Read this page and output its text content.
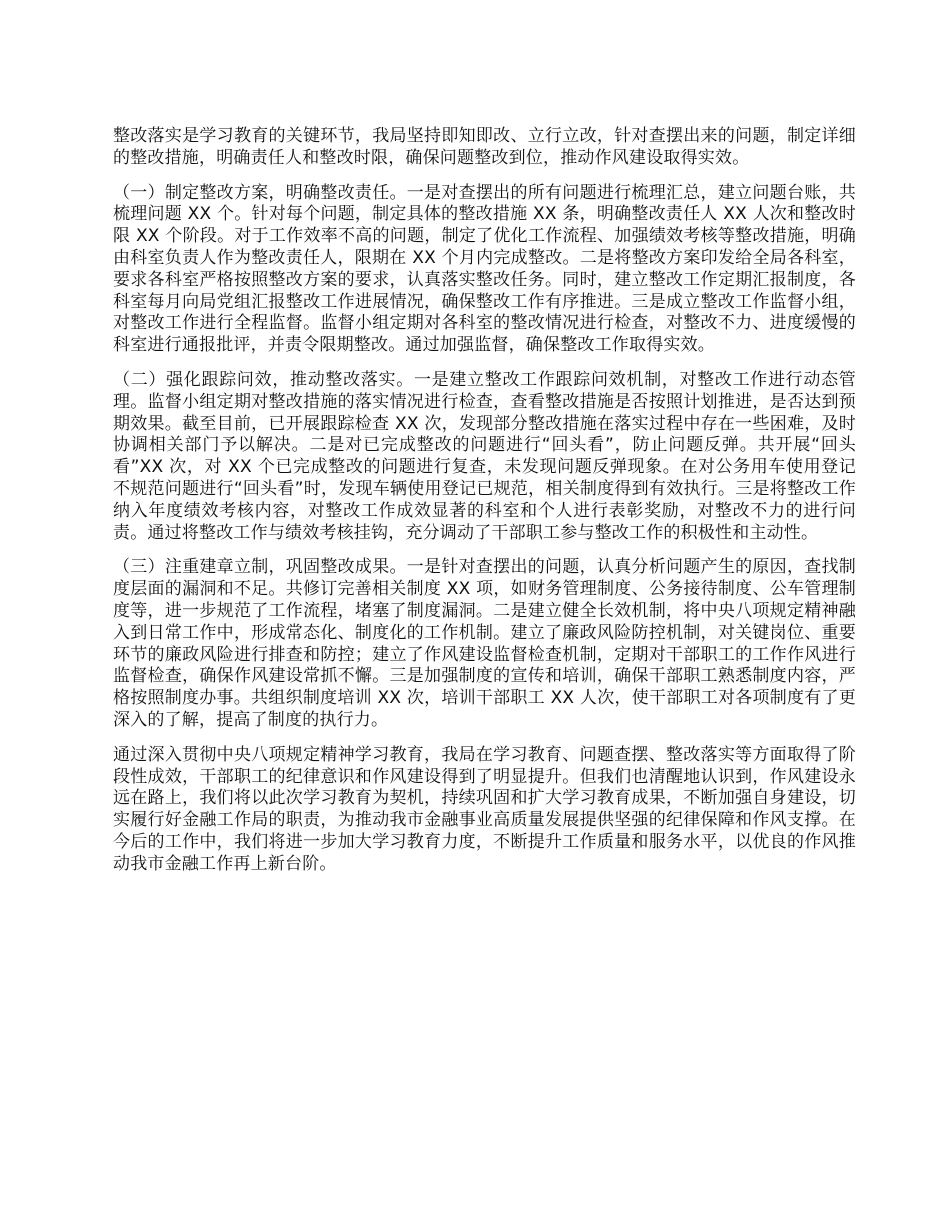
整改落实是学习教育的关键环节，我局坚持即知即改、立行立改，针对查摆出来的问题，制定详细的整改措施，明确责任人和整改时限，确保问题整改到位，推动作风建设取得实效。

（一）制定整改方案，明确整改责任。一是对查摆出的所有问题进行梳理汇总，建立问题台账，共梳理问题 XX 个。针对每个问题，制定具体的整改措施 XX 条，明确整改责任人 XX 人次和整改时限 XX 个阶段。对于工作效率不高的问题，制定了优化工作流程、加强绩效考核等整改措施，明确由科室负责人作为整改责任人，限期在 XX 个月内完成整改。二是将整改方案印发给全局各科室，要求各科室严格按照整改方案的要求，认真落实整改任务。同时，建立整改工作定期汇报制度，各科室每月向局党组汇报整改工作进展情况，确保整改工作有序推进。三是成立整改工作监督小组，对整改工作进行全程监督。监督小组定期对各科室的整改情况进行检查，对整改不力、进度缓慢的科室进行通报批评，并责令限期整改。通过加强监督，确保整改工作取得实效。

（二）强化跟踪问效，推动整改落实。一是建立整改工作跟踪问效机制，对整改工作进行动态管理。监督小组定期对整改措施的落实情况进行检查，查看整改措施是否按照计划推进，是否达到预期效果。截至目前，已开展跟踪检查 XX 次，发现部分整改措施在落实过程中存在一些困难，及时协调相关部门予以解决。二是对已完成整改的问题进行“回头看”，防止问题反弹。共开展“回头看”XX 次，对 XX 个已完成整改的问题进行复查，未发现问题反弹现象。在对公务用车使用登记不规范问题进行“回头看”时，发现车辆使用登记已规范，相关制度得到有效执行。三是将整改工作纳入年度绩效考核内容，对整改工作成效显著的科室和个人进行表彰奖励，对整改不力的进行问责。通过将整改工作与绩效考核挂钩，充分调动了干部职工参与整改工作的积极性和主动性。

（三）注重建章立制，巩固整改成果。一是针对查摆出的问题，认真分析问题产生的原因，查找制度层面的漏洞和不足。共修订完善相关制度 XX 项，如财务管理制度、公务接待制度、公车管理制度等，进一步规范了工作流程，堵塞了制度漏洞。二是建立健全长效机制，将中央八项规定精神融入到日常工作中，形成常态化、制度化的工作机制。建立了廉政风险防控机制，对关键岗位、重要环节的廉政风险进行排查和防控；建立了作风建设监督检查机制，定期对干部职工的工作作风进行监督检查，确保作风建设常抓不懈。三是加强制度的宣传和培训，确保干部职工熟悉制度内容，严格按照制度办事。共组织制度培训 XX 次，培训干部职工 XX 人次，使干部职工对各项制度有了更深入的了解，提高了制度的执行力。

通过深入贯彻中央八项规定精神学习教育，我局在学习教育、问题查摆、整改落实等方面取得了阶段性成效，干部职工的纪律意识和作风建设得到了明显提升。但我们也清醒地认识到，作风建设永远在路上，我们将以此次学习教育为契机，持续巩固和扩大学习教育成果，不断加强自身建设，切实履行好金融工作局的职责，为推动我市金融事业高质量发展提供坚强的纪律保障和作风支撑。在今后的工作中，我们将进一步加大学习教育力度，不断提升工作质量和服务水平，以优良的作风推动我市金融工作再上新台阶。
